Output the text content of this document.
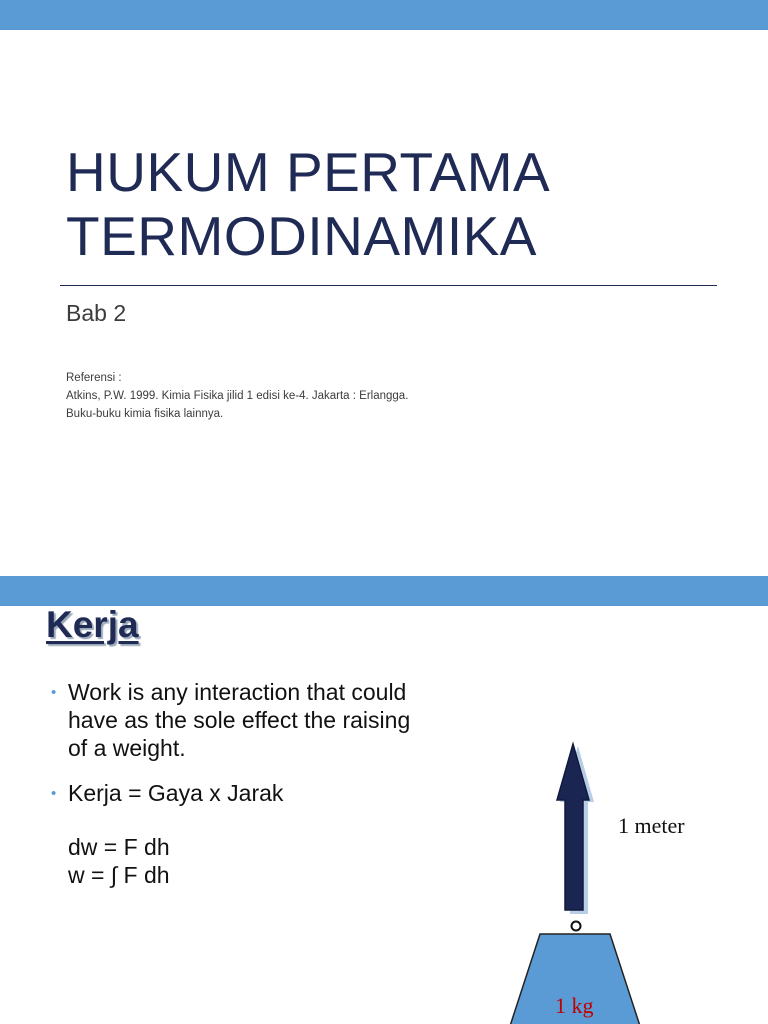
HUKUM PERTAMA
TERMODINAMIKA
Bab 2
Referensi :
Atkins, P.W. 1999. Kimia Fisika jilid 1 edisi ke-4. Jakarta : Erlangga.
Buku-buku kimia fisika lainnya.
Kerja
• Work is any interaction that could
have as the sole effect the raising
of a weight.
• Kerja = Gaya x Jarak
dw = F dh
w = ∫ F dh
1 meter
1 kg
